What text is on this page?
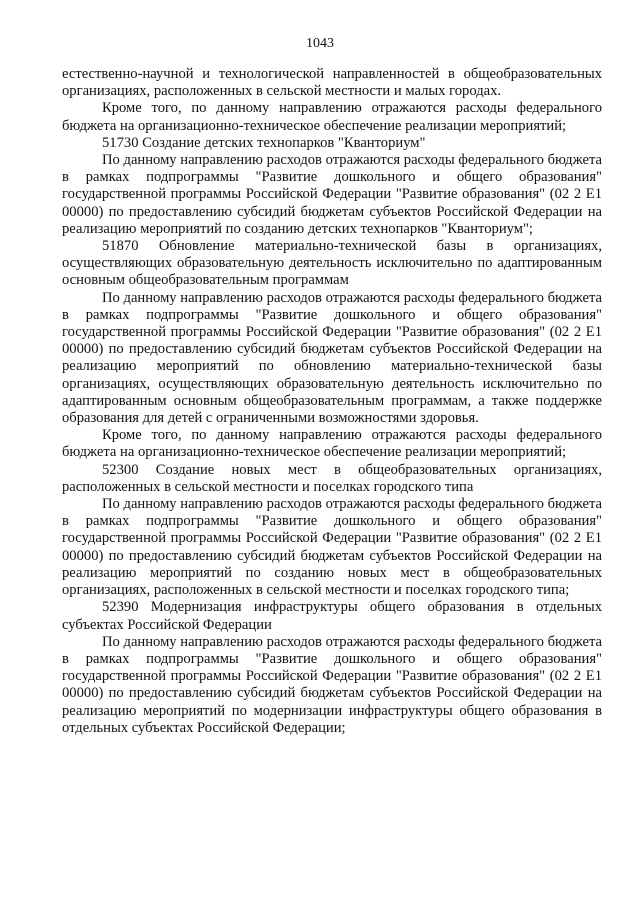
1043

естественно-научной и технологической направленностей в общеобразовательных организациях, расположенных в сельской местности и малых городах.

Кроме того, по данному направлению отражаются расходы федерального бюджета на организационно-техническое обеспечение реализации мероприятий;

51730 Создание детских технопарков "Кванториум"

По данному направлению расходов отражаются расходы федерального бюджета в рамках подпрограммы "Развитие дошкольного и общего образования" государственной программы Российской Федерации "Развитие образования" (02 2 E1 00000) по предоставлению субсидий бюджетам субъектов Российской Федерации на реализацию мероприятий по созданию детских технопарков "Кванториум";

51870 Обновление материально-технической базы в организациях, осуществляющих образовательную деятельность исключительно по адаптированным основным общеобразовательным программам

По данному направлению расходов отражаются расходы федерального бюджета в рамках подпрограммы "Развитие дошкольного и общего образования" государственной программы Российской Федерации "Развитие образования" (02 2 E1 00000) по предоставлению субсидий бюджетам субъектов Российской Федерации на реализацию мероприятий по обновлению материально-технической базы организациях, осуществляющих образовательную деятельность исключительно по адаптированным основным общеобразовательным программам, а также поддержке образования для детей с ограниченными возможностями здоровья.

Кроме того, по данному направлению отражаются расходы федерального бюджета на организационно-техническое обеспечение реализации мероприятий;

52300 Создание новых мест в общеобразовательных организациях, расположенных в сельской местности и поселках городского типа

По данному направлению расходов отражаются расходы федерального бюджета в рамках подпрограммы "Развитие дошкольного и общего образования" государственной программы Российской Федерации "Развитие образования" (02 2 E1 00000) по предоставлению субсидий бюджетам субъектов Российской Федерации на реализацию мероприятий по созданию новых мест в общеобразовательных организациях, расположенных в сельской местности и поселках городского типа;

52390 Модернизация инфраструктуры общего образования в отдельных субъектах Российской Федерации

По данному направлению расходов отражаются расходы федерального бюджета в рамках подпрограммы "Развитие дошкольного и общего образования" государственной программы Российской Федерации "Развитие образования" (02 2 E1 00000) по предоставлению субсидий бюджетам субъектов Российской Федерации на реализацию мероприятий по модернизации инфраструктуры общего образования в отдельных субъектах Российской Федерации;
